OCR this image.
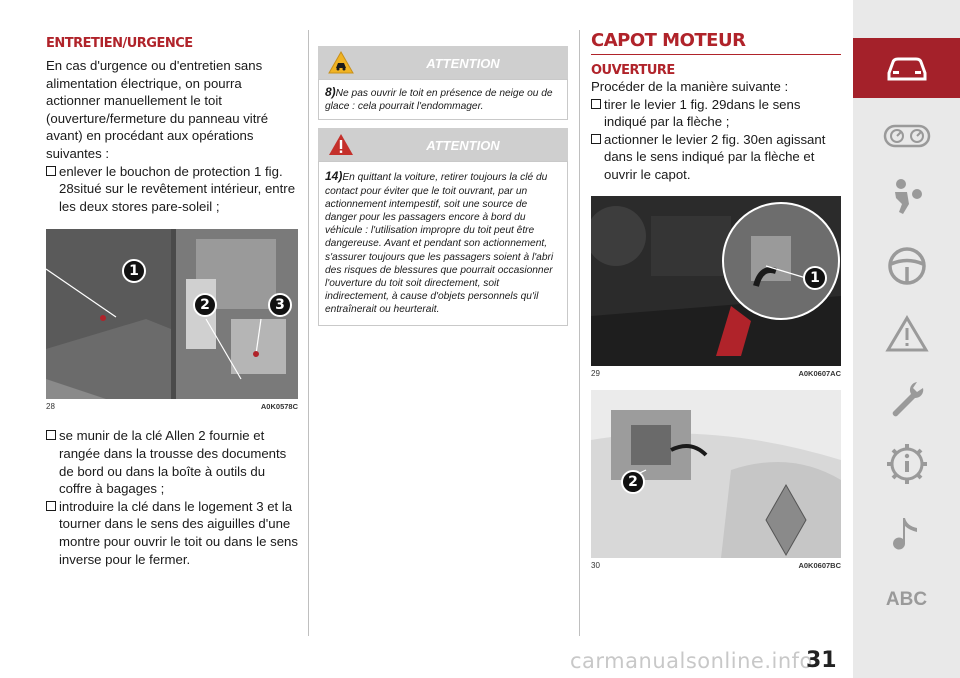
ENTRETIEN/URGENCE
En cas d'urgence ou d'entretien sans alimentation électrique, on pourra actionner manuellement le toit (ouverture/fermeture du panneau vitré avant) en procédant aux opérations suivantes :
enlever le bouchon de protection 1 fig. 28situé sur le revêtement intérieur, entre les deux stores pare-soleil ;
1
2	3
28	A0K0578C
se munir de la clé Allen 2 fournie et rangée dans la trousse des documents de bord ou dans la boîte à outils du coffre à bagages ;
introduire la clé dans le logement 3 et la tourner dans le sens des aiguilles d'une montre pour ouvrir le toit ou dans le sens inverse pour le fermer.
ATTENTION
8)Ne pas ouvrir le toit en présence de neige ou de glace : cela pourrait l'endommager.
ATTENTION
14)En quittant la voiture, retirer toujours la clé du contact pour éviter que le toit ouvrant, par un actionnement intempestif, soit une source de danger pour les passagers encore à bord du véhicule : l'utilisation impropre du toit peut être dangereuse. Avant et pendant son actionnement, s'assurer toujours que les passagers soient à l'abri des risques de blessures que pourrait occasionner l'ouverture du toit soit directement, soit indirectement, à cause d'objets personnels qu'il entraînerait ou heurterait.
CAPOT MOTEUR
OUVERTURE
Procéder de la manière suivante :
tirer le levier 1 fig. 29dans le sens indiqué par la flèche ;
actionner le levier 2 fig. 30en agissant dans le sens indiqué par la flèche et ouvrir le capot.
1
29	A0K0607AC
2
30	A0K0607BC
ABC
carmanualsonline.info
31
